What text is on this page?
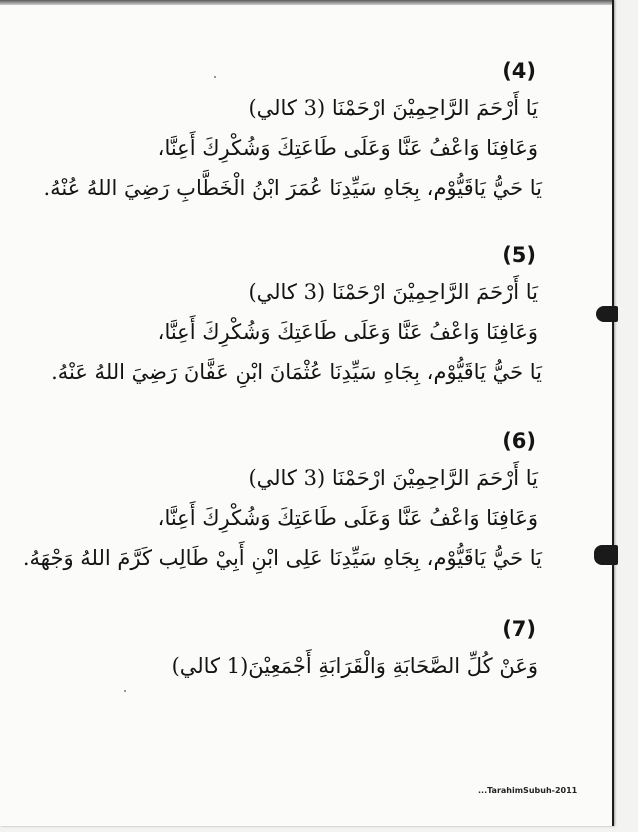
(4)
يَا أَرْحَمَ الرَّاحِمِيْنَ ارْحَمْنَا (3 كالي)
وَعَافِنَا وَاعْفُ عَنَّا وَعَلَى طَاعَتِكَ وَشُكْرِكَ أَعِنَّا،
يَا حَيُّ يَاقَيُّوْم، بِجَاهِ سَيِّدِنَا عُمَرَ ابْنُ الْخَطَّابِ رَضِيَ اللهُ عُنْهُ.
(5)
يَا أَرْحَمَ الرَّاحِمِيْنَ ارْحَمْنَا (3 كالي)
وَعَافِنَا وَاعْفُ عَنَّا وَعَلَى طَاعَتِكَ وَشُكْرِكَ أَعِنَّا،
يَا حَيُّ يَاقَيُّوْم، بِجَاهِ سَيِّدِنَا عُثْمَانَ ابْنِ عَفَّانَ رَضِيَ اللهُ عَنْهُ.
(6)
يَا أَرْحَمَ الرَّاحِمِيْنَ ارْحَمْنَا (3 كالي)
وَعَافِنَا وَاعْفُ عَنَّا وَعَلَى طَاعَتِكَ وَشُكْرِكَ أَعِنَّا،
يَا حَيُّ يَاقَيُّوْم، بِجَاهِ سَيِّدِنَا عَلِى ابْنِ أَبِيْ طَالِب كَرَّمَ اللهُ وَجْهَهُ.
(7)
وَعَنْ كُلِّ الصَّحَابَةِ وَالْقَرَابَةِ أَجْمَعِيْنَ(1 كالي)
...TarahimSubuh-2011
